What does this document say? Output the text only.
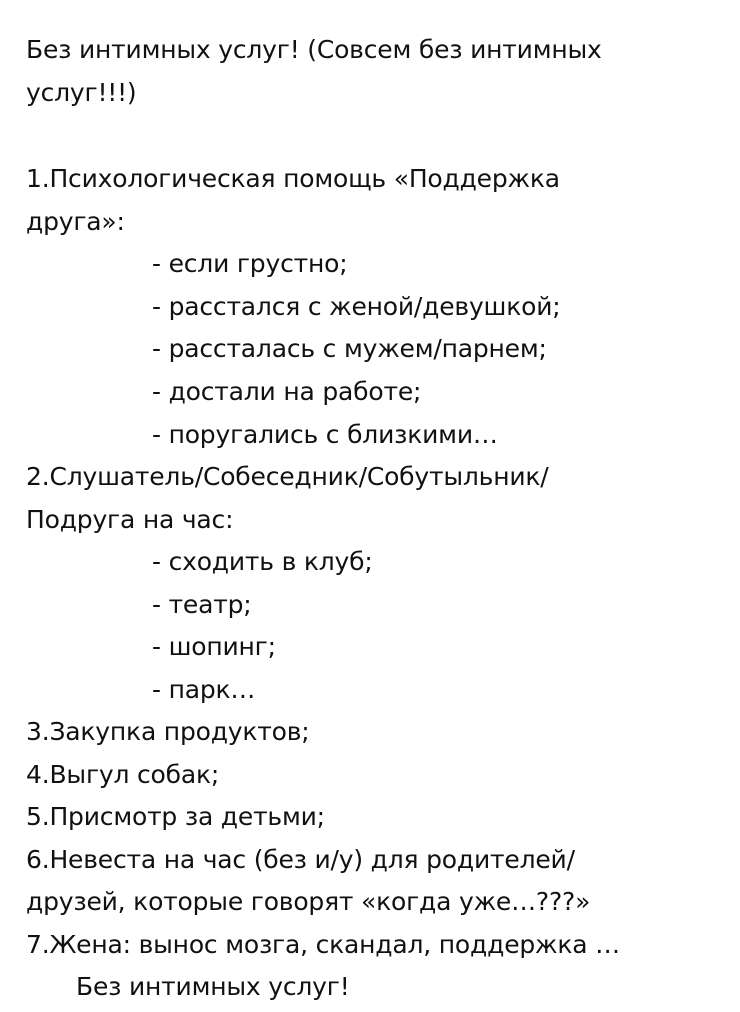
Без интимных услуг! (Совсем без интимных
услуг!!!)
1.Психологическая помощь «Поддержка
друга»:
- если грустно;
- расстался с женой/девушкой;
- рассталась с мужем/парнем;
- достали на работе;
- поругались с близкими…
2.Слушатель/Собеседник/Собутыльник/
Подруга на час:
- сходить в клуб;
- театр;
- шопинг;
- парк…
3.Закупка продуктов;
4.Выгул собак;
5.Присмотр за детьми;
6.Невеста на час (без и/у) для родителей/
друзей, которые говорят «когда уже…???»
7.Жена: вынос мозга, скандал, поддержка …
Без интимных услуг!
